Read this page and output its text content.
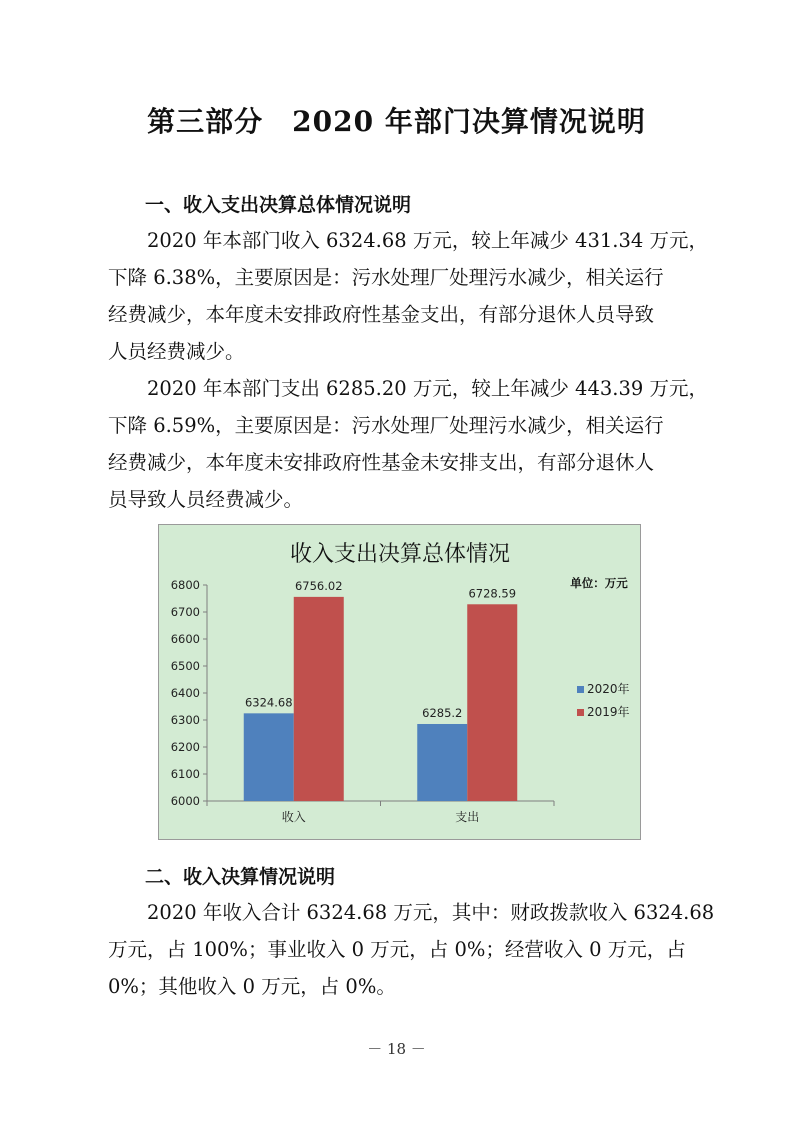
第三部分　2020 年部门决算情况说明
一、收入支出决算总体情况说明
　　2020 年本部门收入 6324.68 万元，较上年减少 431.34 万元，
下降 6.38%，主要原因是：污水处理厂处理污水减少，相关运行
经费减少，本年度未安排政府性基金支出，有部分退休人员导致
人员经费减少。
　　2020 年本部门支出 6285.20 万元，较上年减少 443.39 万元，
下降 6.59%，主要原因是：污水处理厂处理污水减少，相关运行
经费减少，本年度未安排政府性基金未安排支出，有部分退休人
员导致人员经费减少。
收入支出决算总体情况
单位：万元
6000
6100
6200
6300
6400
6500
6600
6700
6800
收入
6324.68
6756.02
支出
6285.2
6728.59
2020年
2019年
二、收入决算情况说明
　　2020 年收入合计 6324.68 万元，其中：财政拨款收入 6324.68
万元，占 100%；事业收入 0 万元，占 0%；经营收入 0 万元，占
0%；其他收入 0 万元，占 0%。
－ 18 －
